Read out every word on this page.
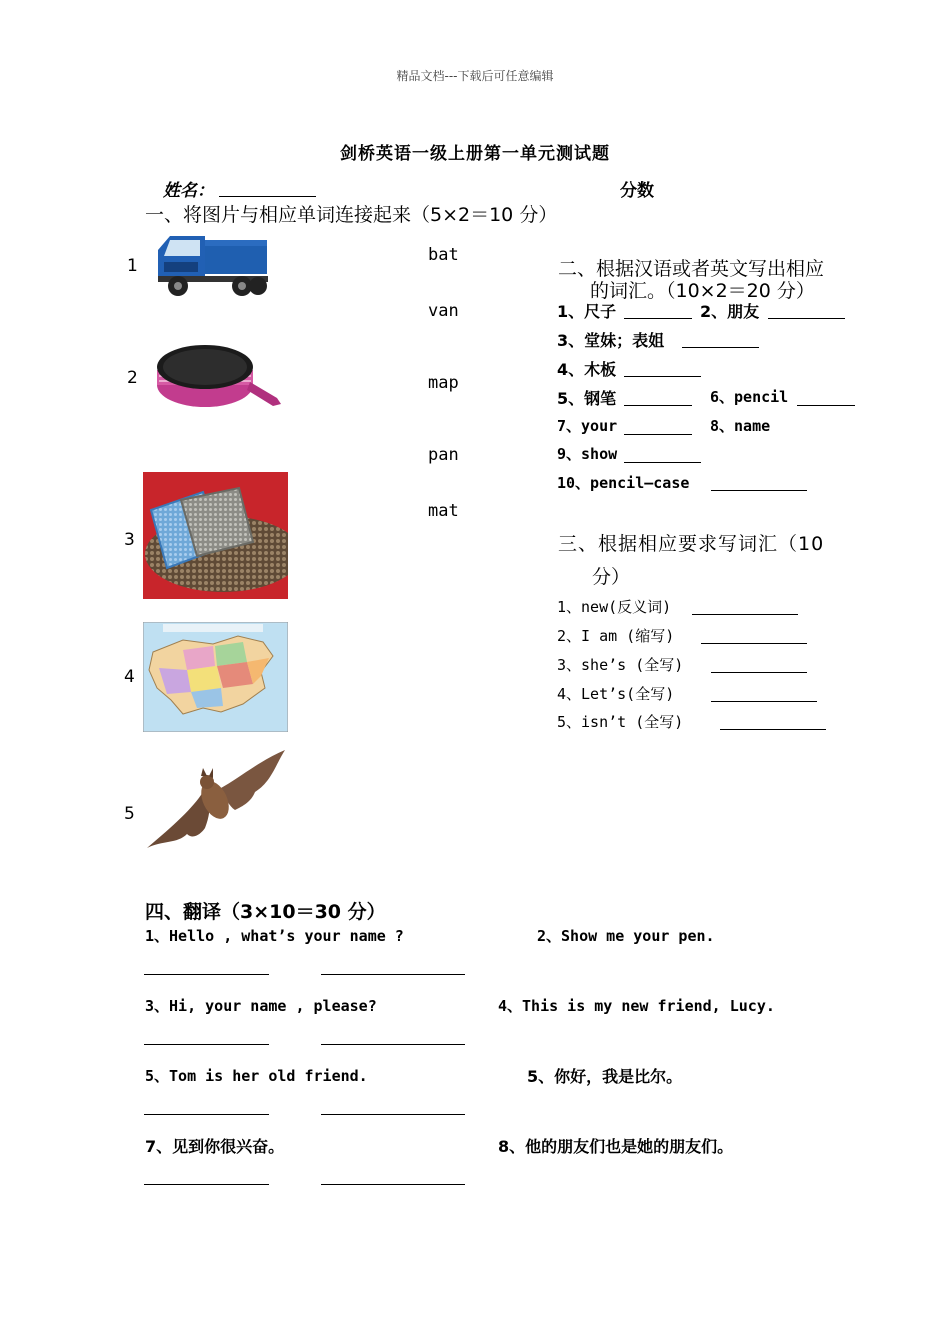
精品文档---下载后可任意编辑
剑桥英语一级上册第一单元测试题
姓名：	分数
一、将图片与相应单词连接起来（5×2＝10 分）
1
2
3
4
5
bat
van
map
pan
mat
二、根据汉语或者英文写出相应
的词汇。（10×2＝20 分）
1、尺子	2、朋友
3、堂妹；表姐
4、木板
5、钢笔	6、pencil
7、your	8、name
9、show
10、pencil—case
三、根据相应要求写词汇（10
分）
1、new(反义词)
2、I am (缩写)
3、she’s (全写)
4、Let’s(全写)
5、isn’t (全写)
四、翻译（3×10＝30 分）
1、Hello , what’s your name ?	2、Show me your pen.
3、Hi, your name , please?	4、This is my new friend, Lucy.
5、Tom is her old friend.	5、你好，我是比尔。
7、见到你很兴奋。	8、他的朋友们也是她的朋友们。
